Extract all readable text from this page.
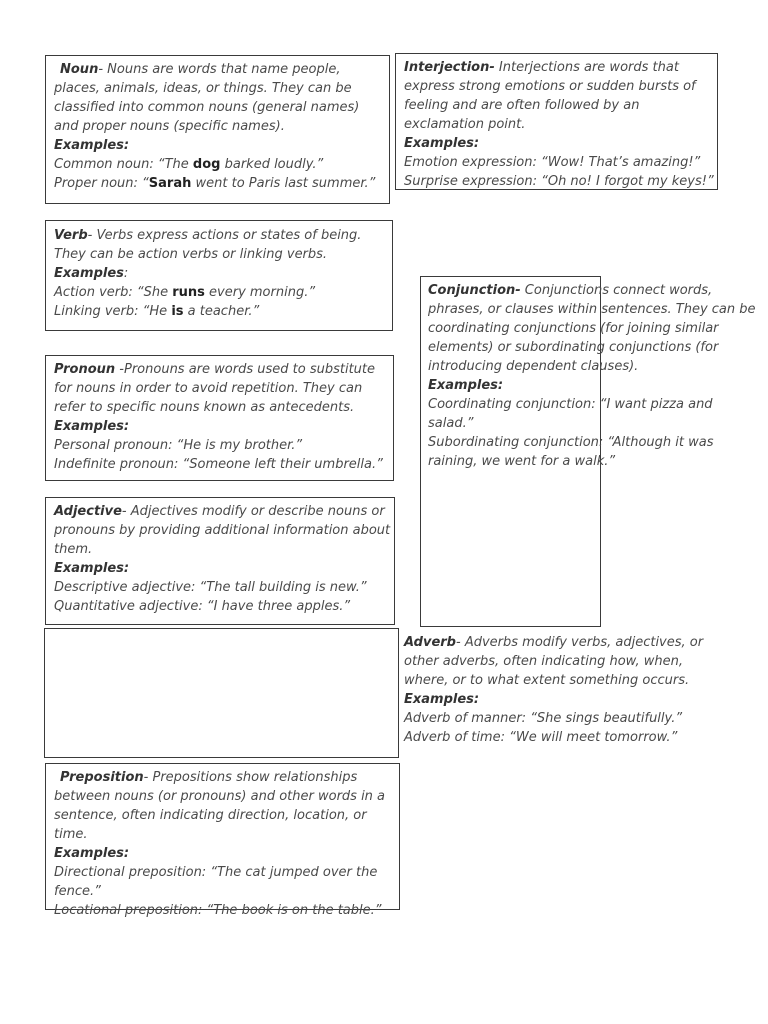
Noun- Nouns are words that name people, places, animals, ideas, or things. They can be classified into common nouns (general names) and proper nouns (specific names).
Examples:
Common noun: “The dog barked loudly.”
Proper noun: “Sarah went to Paris last summer.”
Interjection- Interjections are words that express strong emotions or sudden bursts of feeling and are often followed by an exclamation point.
Examples:
Emotion expression: “Wow! That’s amazing!”
Surprise expression: “Oh no! I forgot my keys!”
Verb- Verbs express actions or states of being. They can be action verbs or linking verbs.
Examples:
Action verb: “She runs every morning.”
Linking verb: “He is a teacher.”
Conjunction- Conjunctions connect words, phrases, or clauses within sentences. They can be coordinating conjunctions (for joining similar elements) or subordinating conjunctions (for introducing dependent clauses).
Examples:
Coordinating conjunction: “I want pizza and salad.”
Subordinating conjunction: “Although it was raining, we went for a walk.”
Pronoun -Pronouns are words used to substitute for nouns in order to avoid repetition. They can refer to specific nouns known as antecedents.
Examples:
Personal pronoun: “He is my brother.”
Indefinite pronoun: “Someone left their umbrella.”
Adjective- Adjectives modify or describe nouns or pronouns by providing additional information about them.
Examples:
Descriptive adjective: “The tall building is new.”
Quantitative adjective: “I have three apples.”
Adverb- Adverbs modify verbs, adjectives, or other adverbs, often indicating how, when, where, or to what extent something occurs.
Examples:
Adverb of manner: “She sings beautifully.”
Adverb of time: “We will meet tomorrow.”
Preposition- Prepositions show relationships between nouns (or pronouns) and other words in a sentence, often indicating direction, location, or time.
Examples:
Directional preposition: “The cat jumped over the fence.”
Locational preposition: “The book is on the table.”
